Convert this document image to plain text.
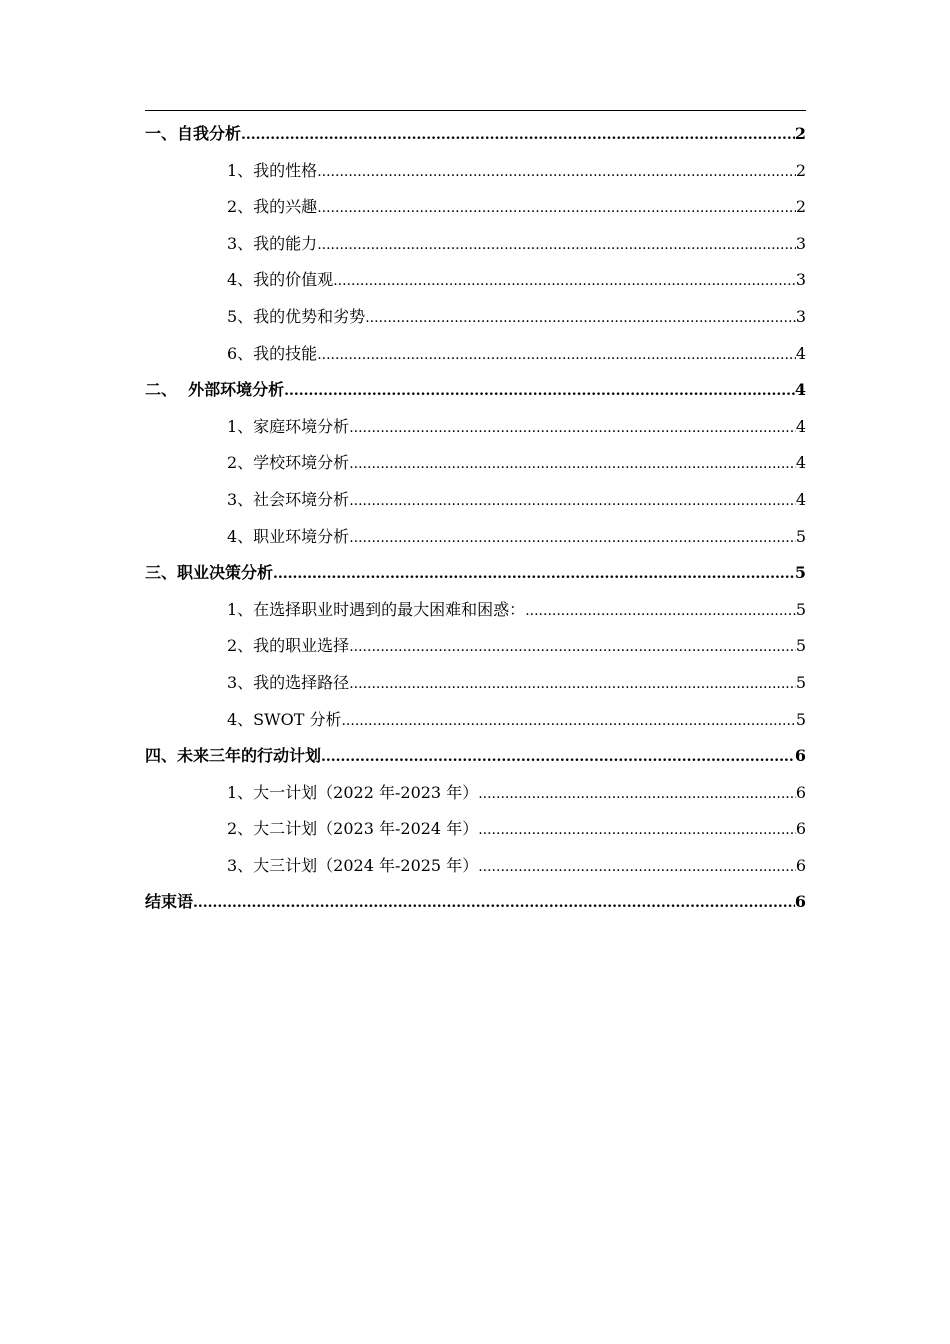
一、自我分析 .....	2
1、我的性格 .....	2
2、我的兴趣 .....	2
3、我的能力 .....	3
4、我的价值观 .....	3
5、我的优势和劣势 .....	3
6、我的技能 .....	4
二、  外部环境分析 .....	4
1、家庭环境分析 .....	4
2、学校环境分析 .....	4
3、社会环境分析 .....	4
4、职业环境分析 .....	5
三、职业决策分析 .....	5
1、在选择职业时遇到的最大困难和困惑： .....	5
2、我的职业选择 .....	5
3、我的选择路径 .....	5
4、SWOT 分析 .....	5
四、未来三年的行动计划 .....	6
1、大一计划（2022 年-2023 年） .....	6
2、大二计划（2023 年-2024 年） .....	6
3、大三计划（2024 年-2025 年） .....	6
结束语 .....	6
